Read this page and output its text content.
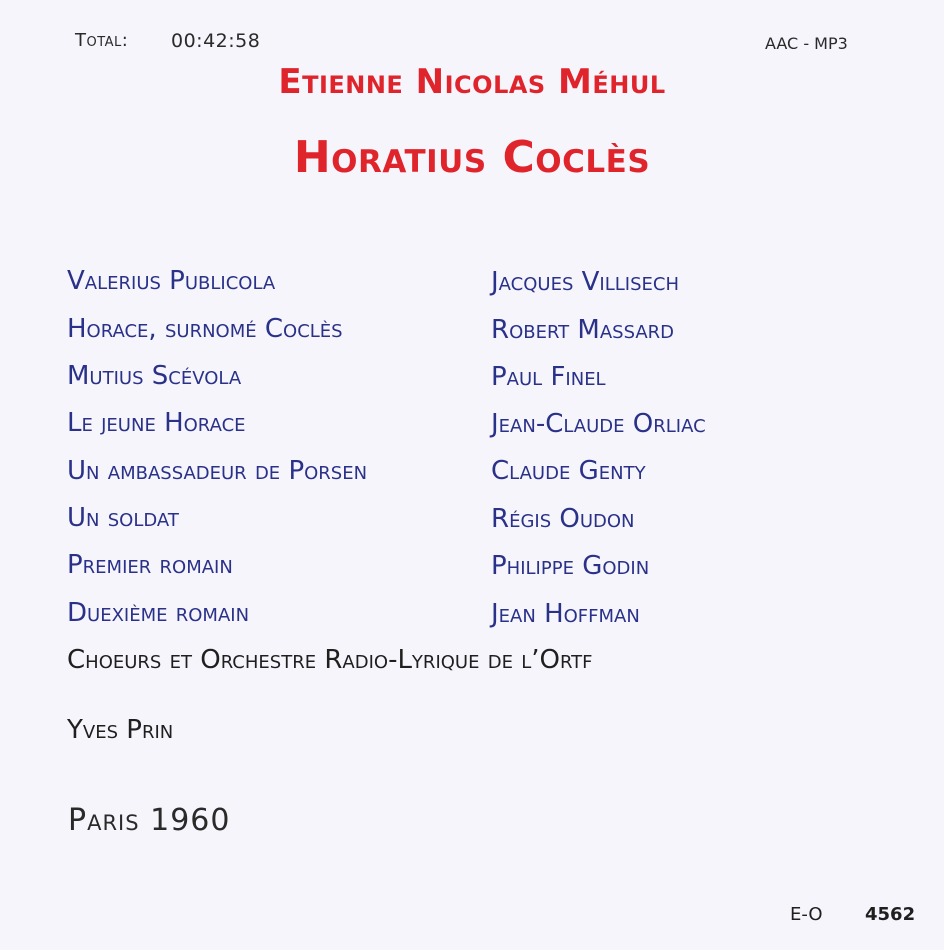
Total: 00:42:58	AAC - MP3
Etienne Nicolas Méhul
Horatius Coclès
Valerius Publicola	Jacques Villisech
Horace, surnomé Coclès	Robert Massard
Mutius Scévola	Paul Finel
Le jeune Horace	Jean-Claude Orliac
Un ambassadeur de Porsen	Claude Genty
Un soldat	Régis Oudon
Premier romain	Philippe Godin
Duexième romain	Jean Hoffman
Choeurs et Orchestre Radio-Lyrique de l’Ortf
Yves Prin
Paris 1960
E-O 4562
